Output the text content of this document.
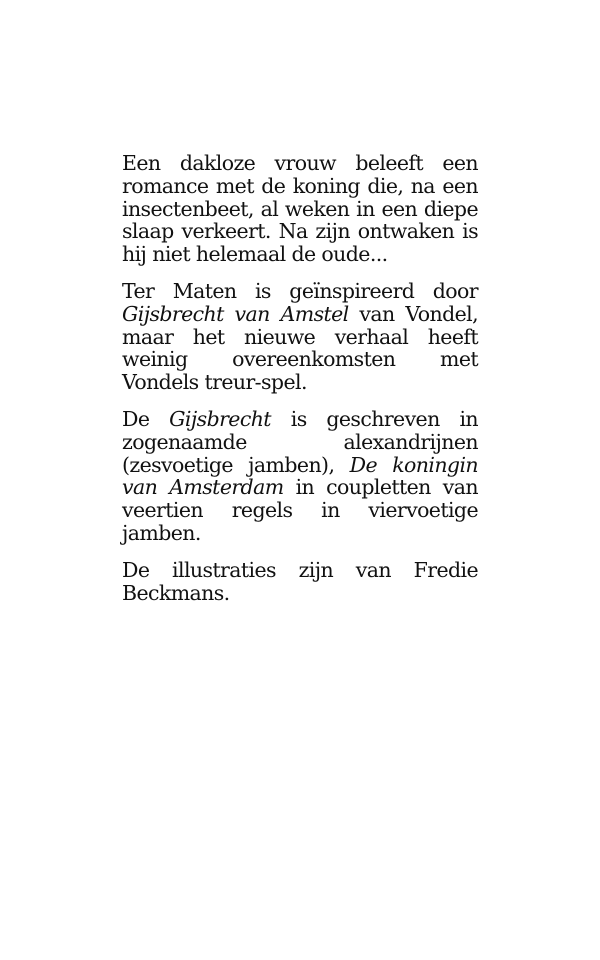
Een dakloze vrouw beleeft een romance met de koning die, na een insectenbeet, al weken in een diepe slaap verkeert. Na zijn ontwaken is hij niet helemaal de oude...

Ter Maten is geïnspireerd door Gijsbrecht van Amstel van Vondel, maar het nieuwe verhaal heeft weinig overeenkomsten met Vondels treur-spel.

De Gijsbrecht is geschreven in zogenaamde alexandrijnen (zesvoetige jamben), De koningin van Amsterdam in coupletten van veertien regels in viervoetige jamben.

De illustraties zijn van Fredie Beckmans.
